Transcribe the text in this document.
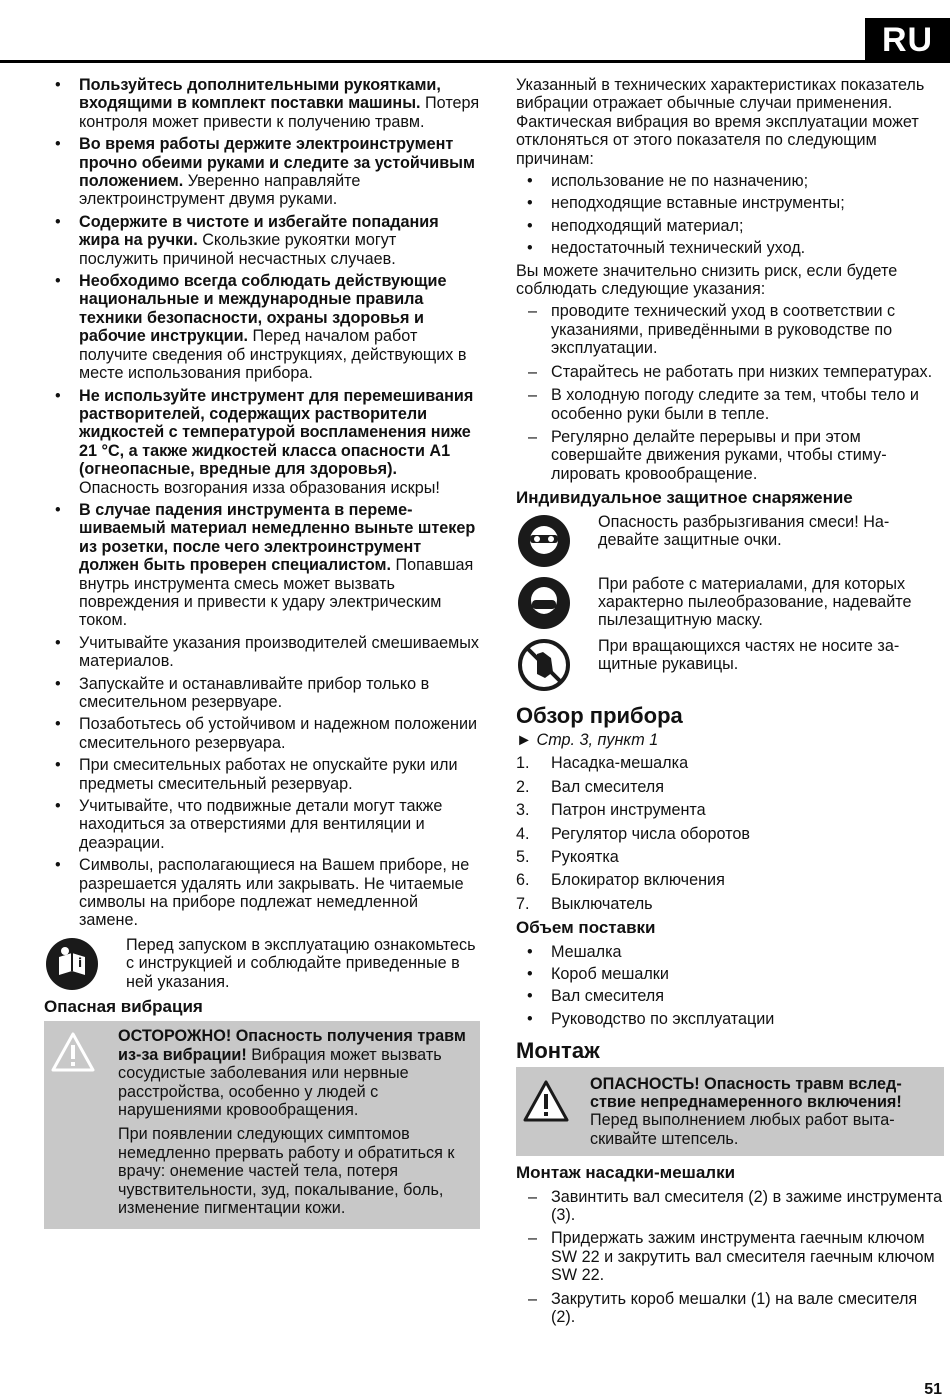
RU
51
• Пользуйтесь дополнительными рукоятками, входящими в комплект поставки машины. Потеря контроля может привести к получению травм.
• Во время работы держите электроинструмент прочно обеими руками и следите за устойчивым положением. Уверенно направляйте электроинструмент двумя руками.
• Содержите в чистоте и избегайте попадания жира на ручки. Скользкие рукоятки могут послужить причиной несчастных случаев.
• Необходимо всегда соблюдать действующие национальные и международные правила техники безопасности, охраны здоровья и рабочие инструкции. Перед началом работ получите сведения об инструкциях, действующих в месте использования прибора.
• Не используйте инструмент для перемешивания растворителей, содержащих растворители жидкостей с температурой воспламенения ниже 21 °C, а также жидкостей класса опасности А1 (огнеопасные, вредные для здоровья). Опасность возгорания изза образования искры!
• В случае падения инструмента в перемешиваемый материал немедленно выньте штекер из розетки, после чего электроинструмент должен быть проверен специалистом. Попавшая внутрь инструмента смесь может вызвать повреждения и привести к удару электрическим током.
• Учитывайте указания производителей смешиваемых материалов.
• Запускайте и останавливайте прибор только в смесительном резервуаре.
• Позаботьтесь об устойчивом и надежном положении смесительного резервуара.
• При смесительных работах не опускайте руки или предметы смесительный резервуар.
• Учитывайте, что подвижные детали могут также находиться за отверстиями для вентиляции и деаэрации.
• Символы, располагающиеся на Вашем приборе, не разрешается удалять или закрывать. Не читаемые символы на приборе подлежат немедленной замене.
i
Перед запуском в эксплуатацию ознакомьтесь с инструкцией и соблюдайте приведенные в ней указания.
Опасная вибрация

ОСТОРОЖНО! Опасность получения травм из-за вибрации! Вибрация может вызвать сосудистые заболевания или нервные расстройства, особенно у людей с нарушениями кровообращения.

При появлении следующих симптомов немедленно прервать работу и обратиться к врачу: онемение частей тела, потеря чувствительности, зуд, покалывание, боль, изменение пигментации кожи.

Указанный в технических характеристиках показатель вибрации отражает обычные случаи применения. Фактическая вибрация во время эксплуатации может отклоняться от этого показателя по следующим причинам:

• использование не по назначению;
• неподходящие вставные инструменты;
• неподходящий материал;
• недостаточный технический уход.

Вы можете значительно снизить риск, если будете соблюдать следующие указания:

– проводите технический уход в соответствии с указаниями, приведёнными в руководстве по эксплуатации.
– Старайтесь не работать при низких температурах.
– В холодную погоду следите за тем, чтобы тело и особенно руки были в тепле.
– Регулярно делайте перерывы и при этом совершайте движения руками, чтобы стимулировать кровообращение.
Индивидуальное защитное снаряжение
Опасность разбрызгивания смеси! Надевайте защитные очки.
При работе с материалами, для которых характерно пылеобразование, надевайте пылезащитную маску.
При вращающихся частях не носите защитные рукавицы.
Обзор прибора
► Стр. 3, пункт 1
1.	Насадка-мешалка
2.	Вал смесителя
3.	Патрон инструмента
4.	Регулятор числа оборотов
5.	Рукоятка
6.	Блокиратор включения
7.	Выключатель
Объем поставки
• Мешалка
• Короб мешалки
• Вал смесителя
• Руководство по эксплуатации
Монтаж
ОПАСНОСТЬ! Опасность травм вследствие непреднамеренного включения! Перед выполнением любых работ вытаскивайте штепсель.
Монтаж насадки-мешалки
– Завинтить вал смесителя (2) в зажиме инструмента (3).
– Придержать зажим инструмента гаечным ключом SW 22 и закрутить вал смесителя гаечным ключом SW 22.
– Закрутить короб мешалки (1) на вале смесителя (2).
